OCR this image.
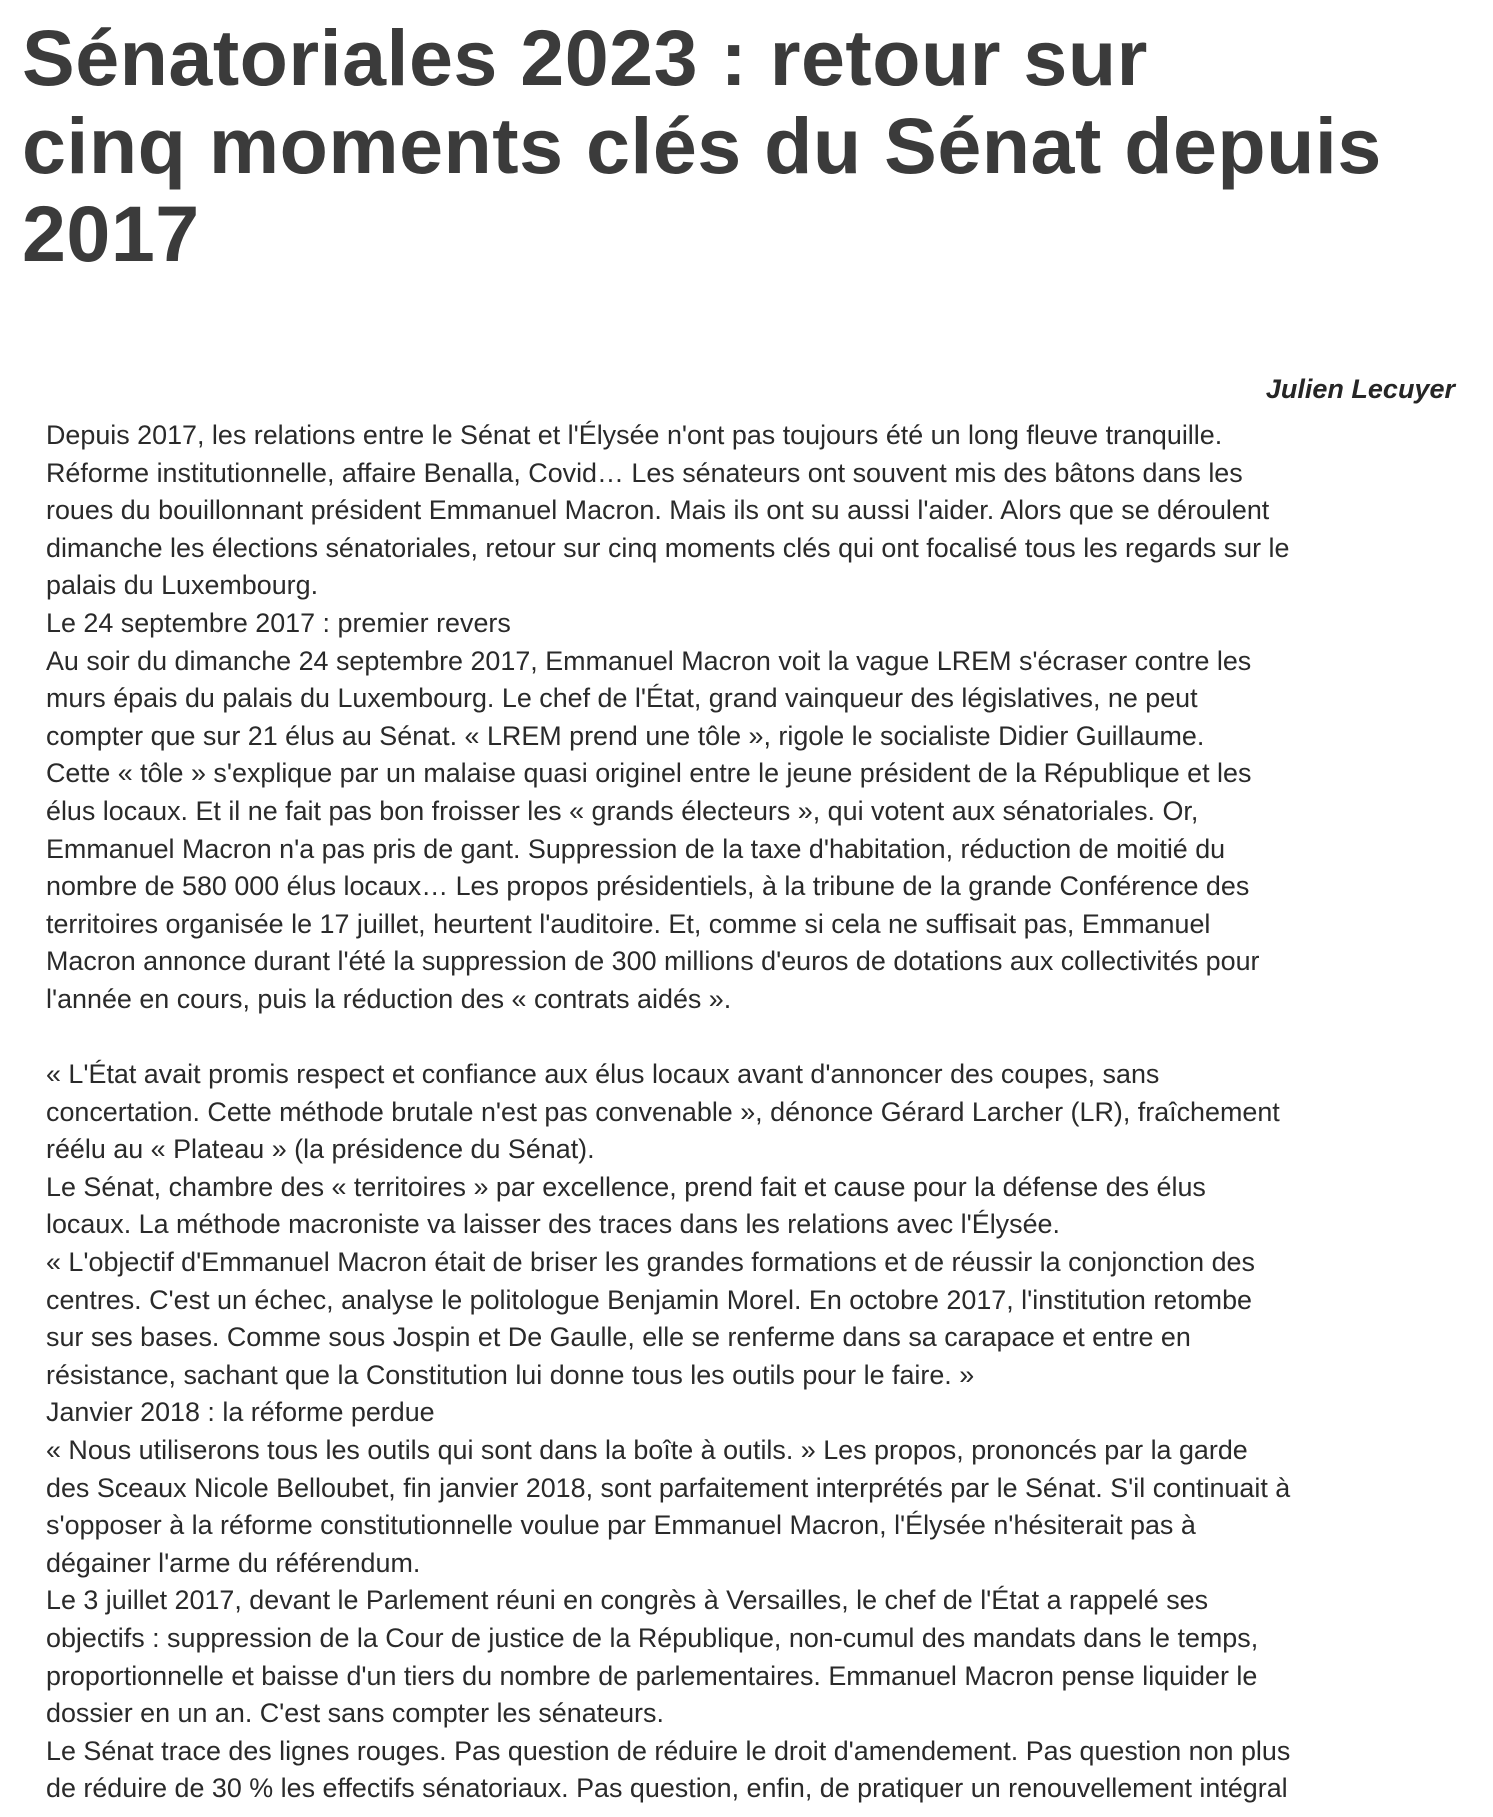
Sénatoriales 2023 : retour sur
cinq moments clés du Sénat depuis
2017
Julien Lecuyer
Depuis 2017, les relations entre le Sénat et l'Élysée n'ont pas toujours été un long fleuve tranquille.
Réforme institutionnelle, affaire Benalla, Covid… Les sénateurs ont souvent mis des bâtons dans les
roues du bouillonnant président Emmanuel Macron. Mais ils ont su aussi l'aider. Alors que se déroulent
dimanche les élections sénatoriales, retour sur cinq moments clés qui ont focalisé tous les regards sur le
palais du Luxembourg.
Le 24 septembre 2017 : premier revers
Au soir du dimanche 24 septembre 2017, Emmanuel Macron voit la vague LREM s'écraser contre les
murs épais du palais du Luxembourg. Le chef de l'État, grand vainqueur des législatives, ne peut
compter que sur 21 élus au Sénat. « LREM prend une tôle », rigole le socialiste Didier Guillaume.
Cette « tôle » s'explique par un malaise quasi originel entre le jeune président de la République et les
élus locaux. Et il ne fait pas bon froisser les « grands électeurs », qui votent aux sénatoriales. Or,
Emmanuel Macron n'a pas pris de gant. Suppression de la taxe d'habitation, réduction de moitié du
nombre de 580 000 élus locaux… Les propos présidentiels, à la tribune de la grande Conférence des
territoires organisée le 17 juillet, heurtent l'auditoire. Et, comme si cela ne suffisait pas, Emmanuel
Macron annonce durant l'été la suppression de 300 millions d'euros de dotations aux collectivités pour
l'année en cours, puis la réduction des « contrats aidés ».
« L'État avait promis respect et confiance aux élus locaux avant d'annoncer des coupes, sans
concertation. Cette méthode brutale n'est pas convenable », dénonce Gérard Larcher (LR), fraîchement
réélu au « Plateau » (la présidence du Sénat).
Le Sénat, chambre des « territoires » par excellence, prend fait et cause pour la défense des élus
locaux. La méthode macroniste va laisser des traces dans les relations avec l'Élysée.
« L'objectif d'Emmanuel Macron était de briser les grandes formations et de réussir la conjonction des
centres. C'est un échec, analyse le politologue Benjamin Morel. En octobre 2017, l'institution retombe
sur ses bases. Comme sous Jospin et De Gaulle, elle se renferme dans sa carapace et entre en
résistance, sachant que la Constitution lui donne tous les outils pour le faire. »
Janvier 2018 : la réforme perdue
« Nous utiliserons tous les outils qui sont dans la boîte à outils. » Les propos, prononcés par la garde
des Sceaux Nicole Belloubet, fin janvier 2018, sont parfaitement interprétés par le Sénat. S'il continuait à
s'opposer à la réforme constitutionnelle voulue par Emmanuel Macron, l'Élysée n'hésiterait pas à
dégainer l'arme du référendum.
Le 3 juillet 2017, devant le Parlement réuni en congrès à Versailles, le chef de l'État a rappelé ses
objectifs : suppression de la Cour de justice de la République, non-cumul des mandats dans le temps,
proportionnelle et baisse d'un tiers du nombre de parlementaires. Emmanuel Macron pense liquider le
dossier en un an. C'est sans compter les sénateurs.
Le Sénat trace des lignes rouges. Pas question de réduire le droit d'amendement. Pas question non plus
de réduire de 30 % les effectifs sénatoriaux. Pas question, enfin, de pratiquer un renouvellement intégral
